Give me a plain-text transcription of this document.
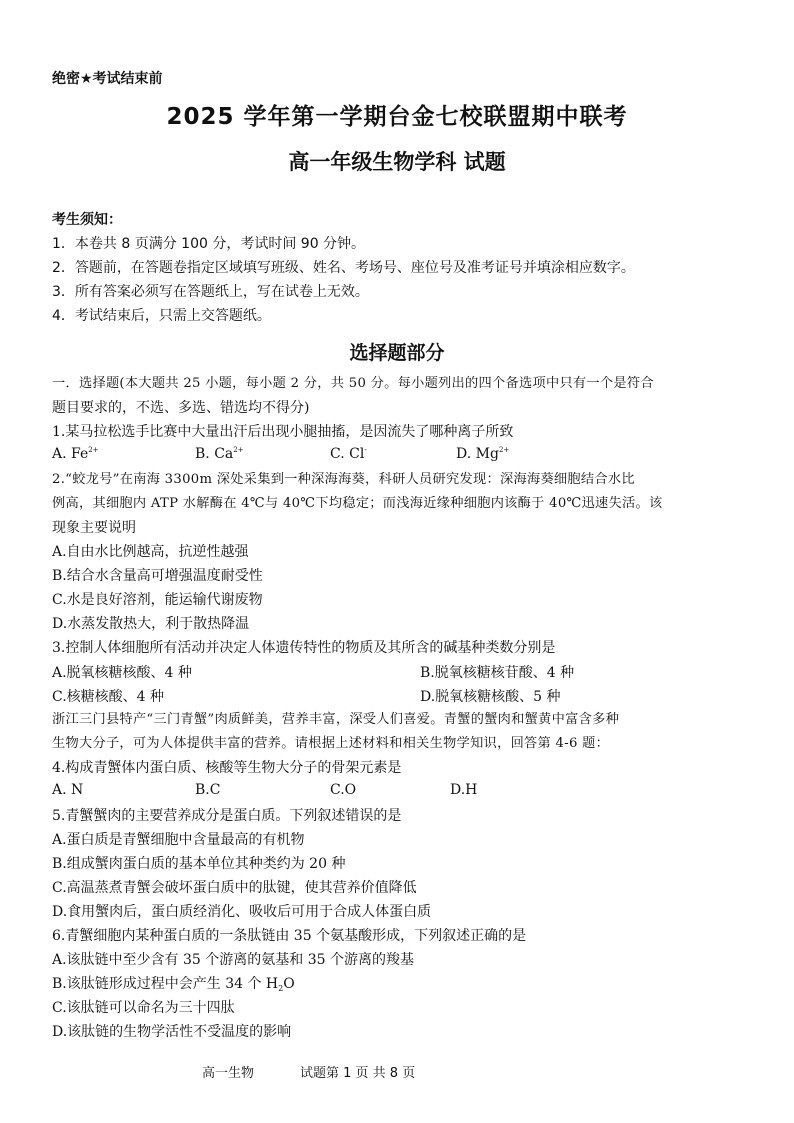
绝密★考试结束前
2025 学年第一学期台金七校联盟期中联考
高一年级生物学科 试题
考生须知：
1．本卷共 8 页满分 100 分，考试时间 90 分钟。
2．答题前，在答题卷指定区域填写班级、姓名、考场号、座位号及准考证号并填涂相应数字。
3．所有答案必须写在答题纸上，写在试卷上无效。
4．考试结束后，只需上交答题纸。
选择题部分
一．选择题(本大题共 25 小题，每小题 2 分，共 50 分。每小题列出的四个备选项中只有一个是符合
题目要求的，不选、多选、错选均不得分)
1.某马拉松选手比赛中大量出汗后出现小腿抽搐，是因流失了哪种离子所致
A. $Fe^{2+}$	B. $Ca^{2+}$	C. Cl-	D. $Mg^{2+}$
2.“蛟龙号”在南海 3300m 深处采集到一种深海海葵，科研人员研究发现：深海海葵细胞结合水比
例高，其细胞内 ATP 水解酶在 4℃与 40℃下均稳定；而浅海近缘种细胞内该酶于 40℃迅速失活。该
现象主要说明
A.自由水比例越高，抗逆性越强
B.结合水含量高可增强温度耐受性
C.水是良好溶剂，能运输代谢废物
D.水蒸发散热大，利于散热降温
3.控制人体细胞所有活动并决定人体遗传特性的物质及其所含的碱基种类数分别是
A.脱氧核糖核酸、4 种	B.脱氧核糖核苷酸、4 种
C.核糖核酸、4 种	D.脱氧核糖核酸、5 种
浙江三门县特产“三门青蟹”肉质鲜美，营养丰富，深受人们喜爱。青蟹的蟹肉和蟹黄中富含多种
生物大分子，可为人体提供丰富的营养。请根据上述材料和相关生物学知识，回答第 4-6 题：
4.构成青蟹体内蛋白质、核酸等生物大分子的骨架元素是
A. N	B.C	C.O	D.H
5.青蟹蟹肉的主要营养成分是蛋白质。下列叙述错误的是
A.蛋白质是青蟹细胞中含量最高的有机物
B.组成蟹肉蛋白质的基本单位其种类约为 20 种
C.高温蒸煮青蟹会破坏蛋白质中的肽键，使其营养价值降低
D.食用蟹肉后，蛋白质经消化、吸收后可用于合成人体蛋白质
6.青蟹细胞内某种蛋白质的一条肽链由 35 个氨基酸形成，下列叙述正确的是
A.该肽链中至少含有 35 个游离的氨基和 35 个游离的羧基
B.该肽链形成过程中会产生 34 个 $H_2O$
C.该肽链可以命名为三十四肽
D.该肽链的生物学活性不受温度的影响
高一生物	试题第 1 页 共 8 页
